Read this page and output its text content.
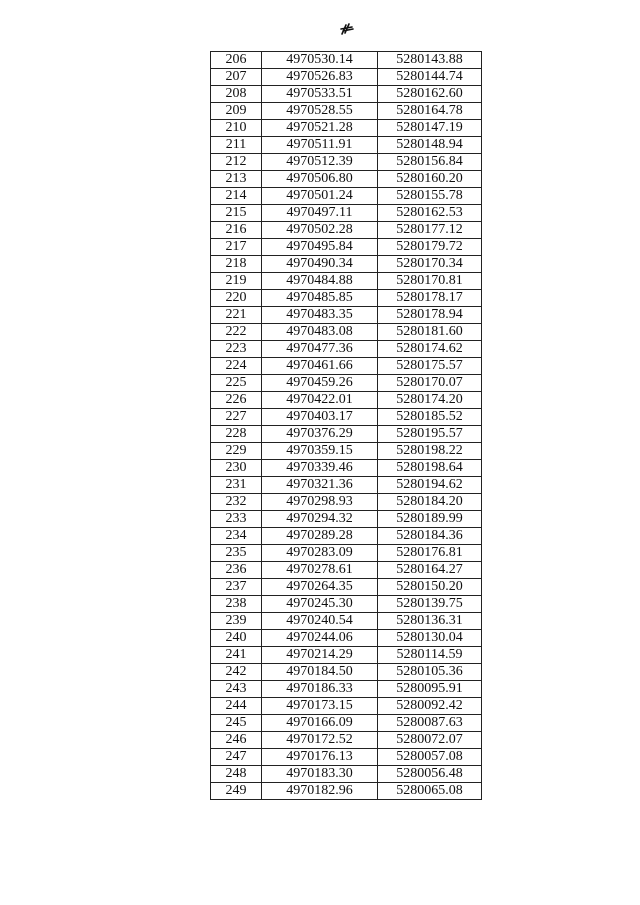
206	4970530.14	5280143.88
207	4970526.83	5280144.74
208	4970533.51	5280162.60
209	4970528.55	5280164.78
210	4970521.28	5280147.19
211	4970511.91	5280148.94
212	4970512.39	5280156.84
213	4970506.80	5280160.20
214	4970501.24	5280155.78
215	4970497.11	5280162.53
216	4970502.28	5280177.12
217	4970495.84	5280179.72
218	4970490.34	5280170.34
219	4970484.88	5280170.81
220	4970485.85	5280178.17
221	4970483.35	5280178.94
222	4970483.08	5280181.60
223	4970477.36	5280174.62
224	4970461.66	5280175.57
225	4970459.26	5280170.07
226	4970422.01	5280174.20
227	4970403.17	5280185.52
228	4970376.29	5280195.57
229	4970359.15	5280198.22
230	4970339.46	5280198.64
231	4970321.36	5280194.62
232	4970298.93	5280184.20
233	4970294.32	5280189.99
234	4970289.28	5280184.36
235	4970283.09	5280176.81
236	4970278.61	5280164.27
237	4970264.35	5280150.20
238	4970245.30	5280139.75
239	4970240.54	5280136.31
240	4970244.06	5280130.04
241	4970214.29	5280114.59
242	4970184.50	5280105.36
243	4970186.33	5280095.91
244	4970173.15	5280092.42
245	4970166.09	5280087.63
246	4970172.52	5280072.07
247	4970176.13	5280057.08
248	4970183.30	5280056.48
249	4970182.96	5280065.08
